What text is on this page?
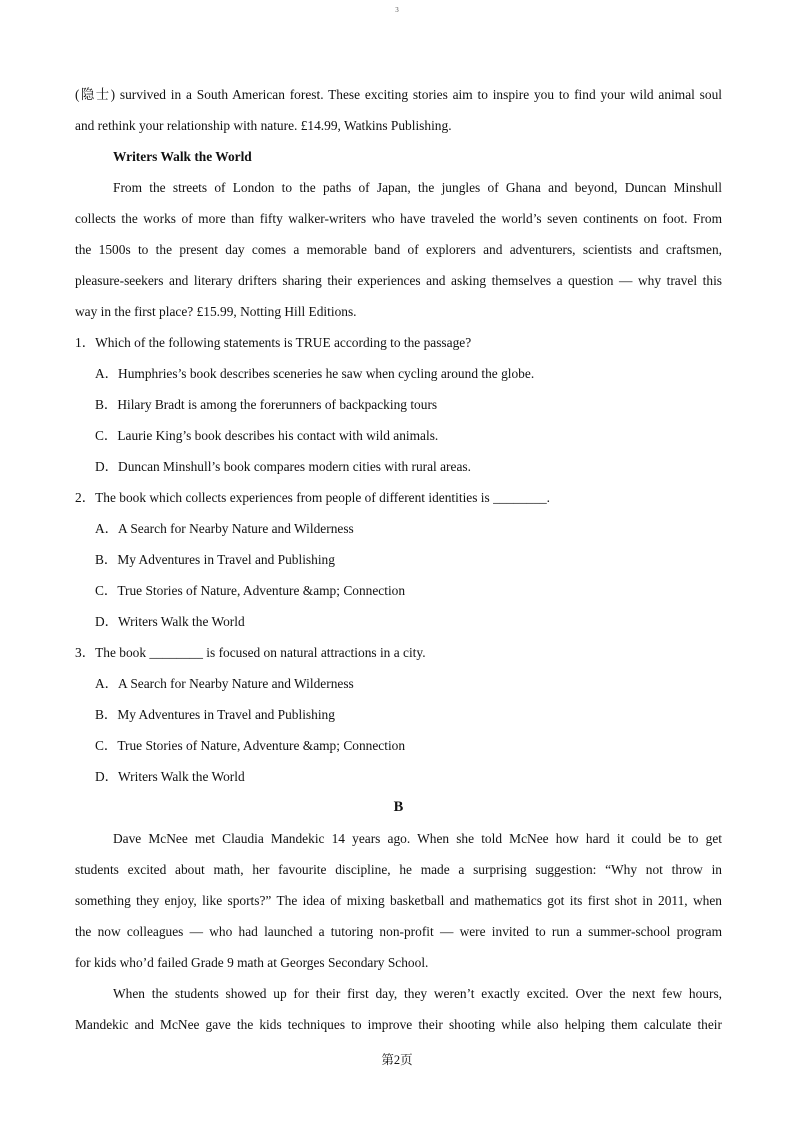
3
(隐士) survived in a South American forest. These exciting stories aim to inspire you to find your wild animal soul
and rethink your relationship with nature. £14.99, Watkins Publishing.
Writers Walk the World
From the streets of London to the paths of Japan, the jungles of Ghana and beyond, Duncan Minshull
collects the works of more than fifty walker-writers who have traveled the world’s seven continents on foot. From
the 1500s to the present day comes a memorable band of explorers and adventurers, scientists and craftsmen,
pleasure-seekers and literary drifters sharing their experiences and asking themselves a question — why travel this
way in the first place? £15.99, Notting Hill Editions.
1．Which of the following statements is TRUE according to the passage?
A．Humphries’s book describes sceneries he saw when cycling around the globe.
B．Hilary Bradt is among the forerunners of backpacking tours
C．Laurie King’s book describes his contact with wild animals.
D．Duncan Minshull’s book compares modern cities with rural areas.
2．The book which collects experiences from people of different identities is ________.
A．A Search for Nearby Nature and Wilderness
B．My Adventures in Travel and Publishing
C．True Stories of Nature, Adventure &amp; Connection
D．Writers Walk the World
3．The book ________ is focused on natural attractions in a city.
A．A Search for Nearby Nature and Wilderness
B．My Adventures in Travel and Publishing
C．True Stories of Nature, Adventure &amp; Connection
D．Writers Walk the World
B
Dave McNee met Claudia Mandekic 14 years ago. When she told McNee how hard it could be to get
students excited about math, her favourite discipline, he made a surprising suggestion: “Why not throw in
something they enjoy, like sports?” The idea of mixing basketball and mathematics got its first shot in 2011, when
the now colleagues — who had launched a tutoring non-profit — were invited to run a summer-school program
for kids who’d failed Grade 9 math at Georges Secondary School.
When the students showed up for their first day, they weren’t exactly excited. Over the next few hours,
Mandekic and McNee gave the kids techniques to improve their shooting while also helping them calculate their
第2页
